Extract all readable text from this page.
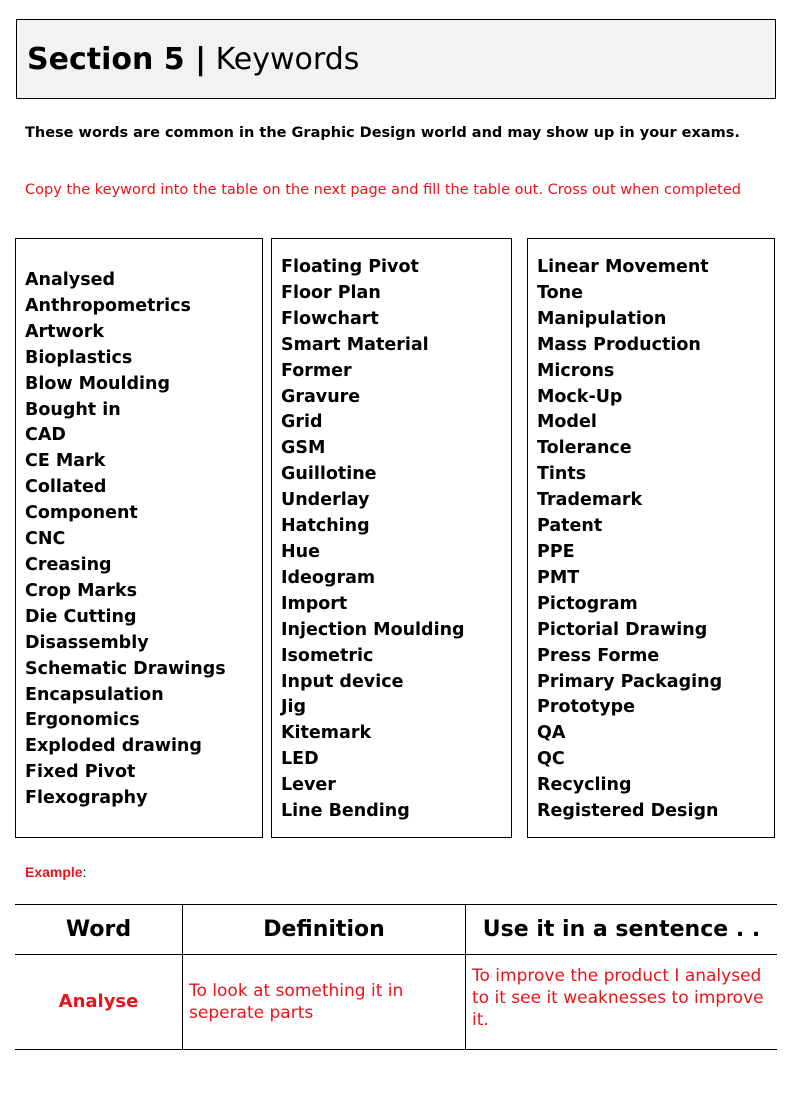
Section 5 | Keywords
These words are common in the Graphic Design world and may show up in your exams.
Copy the keyword into the table on the next page and fill the table out. Cross out when completed
Analysed
Anthropometrics
Artwork
Bioplastics
Blow Moulding
Bought in
CAD
CE Mark
Collated
Component
CNC
Creasing
Crop Marks
Die Cutting
Disassembly
Schematic Drawings
Encapsulation
Ergonomics
Exploded drawing
Fixed Pivot
Flexography
Floating Pivot
Floor Plan
Flowchart
Smart Material
Former
Gravure
Grid
GSM
Guillotine
Underlay
Hatching
Hue
Ideogram
Import
Injection Moulding
Isometric
Input device
Jig
Kitemark
LED
Lever
Line Bending
Linear Movement
Tone
Manipulation
Mass Production
Microns
Mock-Up
Model
Tolerance
Tints
Trademark
Patent
PPE
PMT
Pictogram
Pictorial Drawing
Press Forme
Primary Packaging
Prototype
QA
QC
Recycling
Registered Design
Example:
Word	Definition	Use it in a sentence . .
Analyse	To look at something it in seperate parts	To improve the product I analysed to it see it weaknesses to improve it.
